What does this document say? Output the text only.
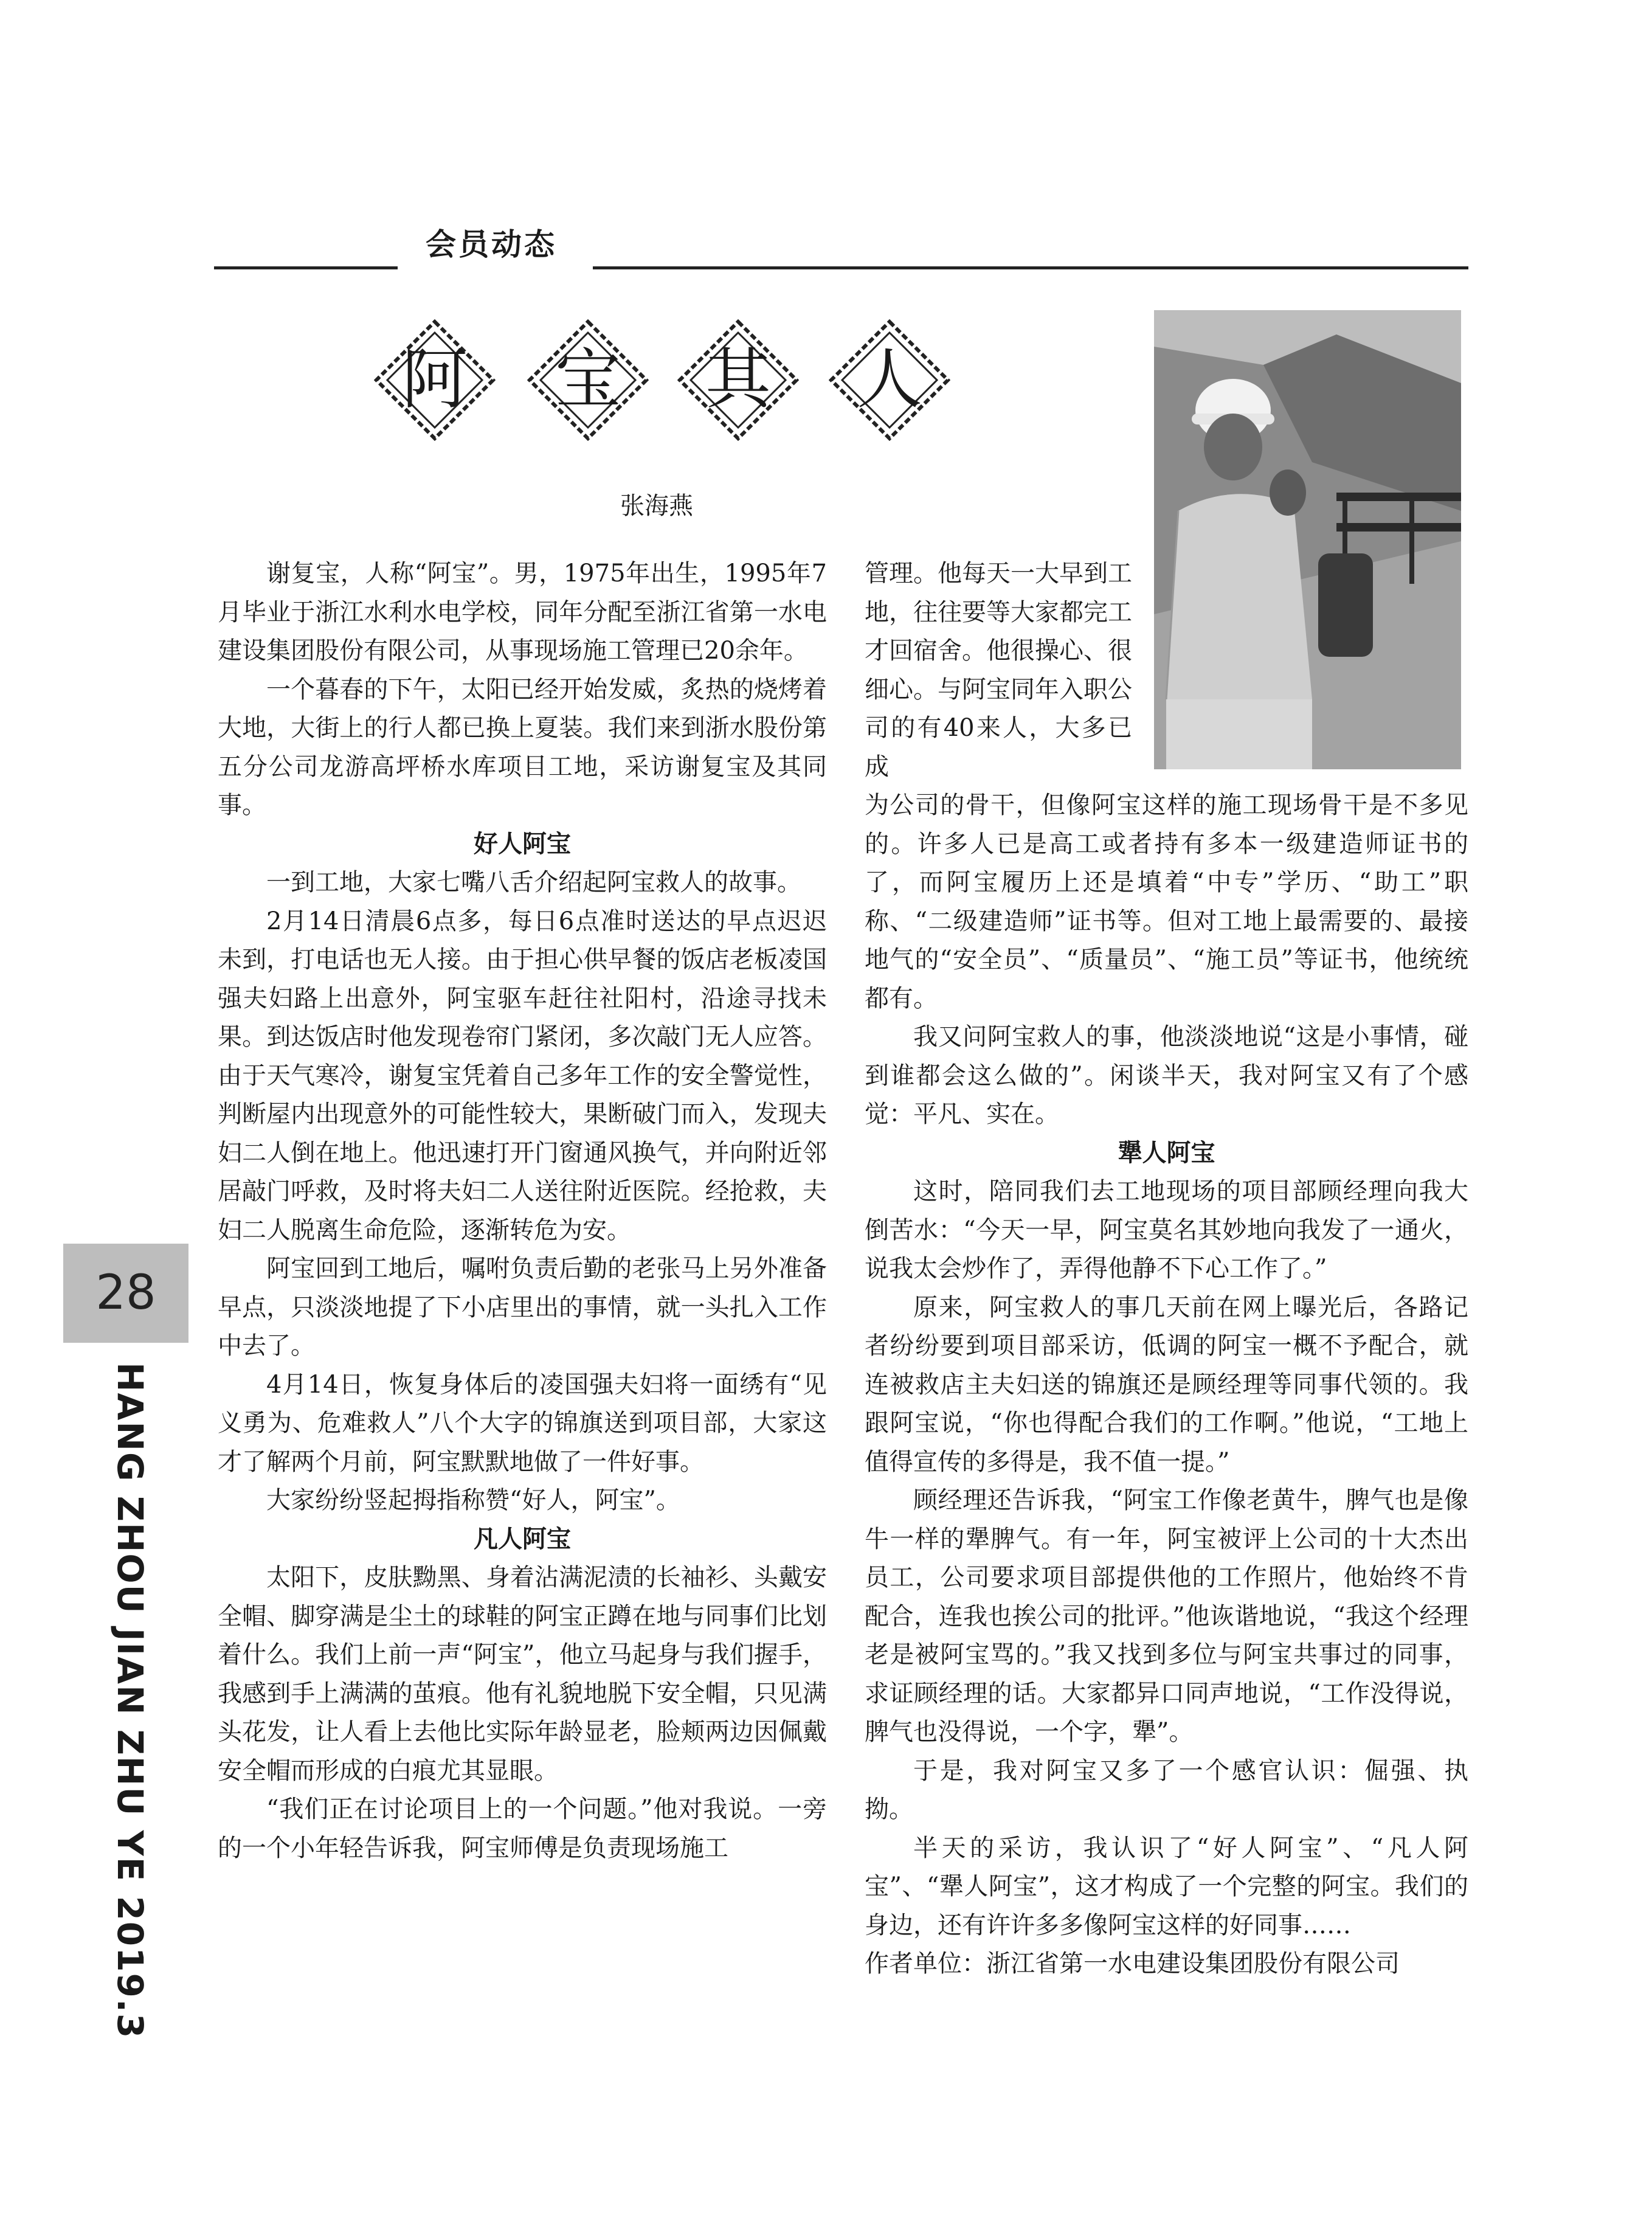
会员动态
阿	宝	其	人
张海燕

谢复宝，人称“阿宝”。男，1975年出生，1995年7月毕业于浙江水利水电学校，同年分配至浙江省第一水电建设集团股份有限公司，从事现场施工管理已20余年。

一个暮春的下午，太阳已经开始发威，炙热的烧烤着大地，大街上的行人都已换上夏装。我们来到浙水股份第五分公司龙游高坪桥水库项目工地，采访谢复宝及其同事。

好人阿宝

一到工地，大家七嘴八舌介绍起阿宝救人的故事。

2月14日清晨6点多，每日6点准时送达的早点迟迟未到，打电话也无人接。由于担心供早餐的饭店老板凌国强夫妇路上出意外，阿宝驱车赶往社阳村，沿途寻找未果。到达饭店时他发现卷帘门紧闭，多次敲门无人应答。由于天气寒冷，谢复宝凭着自己多年工作的安全警觉性，判断屋内出现意外的可能性较大，果断破门而入，发现夫妇二人倒在地上。他迅速打开门窗通风换气，并向附近邻居敲门呼救，及时将夫妇二人送往附近医院。经抢救，夫妇二人脱离生命危险，逐渐转危为安。

阿宝回到工地后，嘱咐负责后勤的老张马上另外准备早点，只淡淡地提了下小店里出的事情，就一头扎入工作中去了。

4月14日，恢复身体后的凌国强夫妇将一面绣有“见义勇为、危难救人”八个大字的锦旗送到项目部，大家这才了解两个月前，阿宝默默地做了一件好事。

大家纷纷竖起拇指称赞“好人，阿宝”。

凡人阿宝

太阳下，皮肤黝黑、身着沾满泥渍的长袖衫、头戴安全帽、脚穿满是尘土的球鞋的阿宝正蹲在地与同事们比划着什么。我们上前一声“阿宝”，他立马起身与我们握手，我感到手上满满的茧痕。他有礼貌地脱下安全帽，只见满头花发，让人看上去他比实际年龄显老，脸颊两边因佩戴安全帽而形成的白痕尤其显眼。

“我们正在讨论项目上的一个问题。”他对我说。一旁的一个小年轻告诉我，阿宝师傅是负责现场施工

管理。他每天一大早到工地，往往要等大家都完工才回宿舍。他很操心、很细心。与阿宝同年入职公司的有40来人，大多已成

为公司的骨干，但像阿宝这样的施工现场骨干是不多见的。许多人已是高工或者持有多本一级建造师证书的了，而阿宝履历上还是填着“中专”学历、“助工”职称、“二级建造师”证书等。但对工地上最需要的、最接地气的“安全员”、“质量员”、“施工员”等证书，他统统都有。

我又问阿宝救人的事，他淡淡地说“这是小事情，碰到谁都会这么做的”。闲谈半天，我对阿宝又有了个感觉：平凡、实在。

犟人阿宝

这时，陪同我们去工地现场的项目部顾经理向我大倒苦水：“今天一早，阿宝莫名其妙地向我发了一通火，说我太会炒作了，弄得他静不下心工作了。”

原来，阿宝救人的事几天前在网上曝光后，各路记者纷纷要到项目部采访，低调的阿宝一概不予配合，就连被救店主夫妇送的锦旗还是顾经理等同事代领的。我跟阿宝说，“你也得配合我们的工作啊。”他说，“工地上值得宣传的多得是，我不值一提。”

顾经理还告诉我，“阿宝工作像老黄牛，脾气也是像牛一样的犟脾气。有一年，阿宝被评上公司的十大杰出员工，公司要求项目部提供他的工作照片，他始终不肯配合，连我也挨公司的批评。”他诙谐地说，“我这个经理老是被阿宝骂的。”我又找到多位与阿宝共事过的同事，求证顾经理的话。大家都异口同声地说，“工作没得说，脾气也没得说，一个字，犟”。

于是，我对阿宝又多了一个感官认识：倔强、执拗。

半天的采访，我认识了“好人阿宝”、“凡人阿宝”、“犟人阿宝”，这才构成了一个完整的阿宝。我们的身边，还有许许多多像阿宝这样的好同事……

作者单位：浙江省第一水电建设集团股份有限公司

28
HANG ZHOU JIAN ZHU YE 2019.3
